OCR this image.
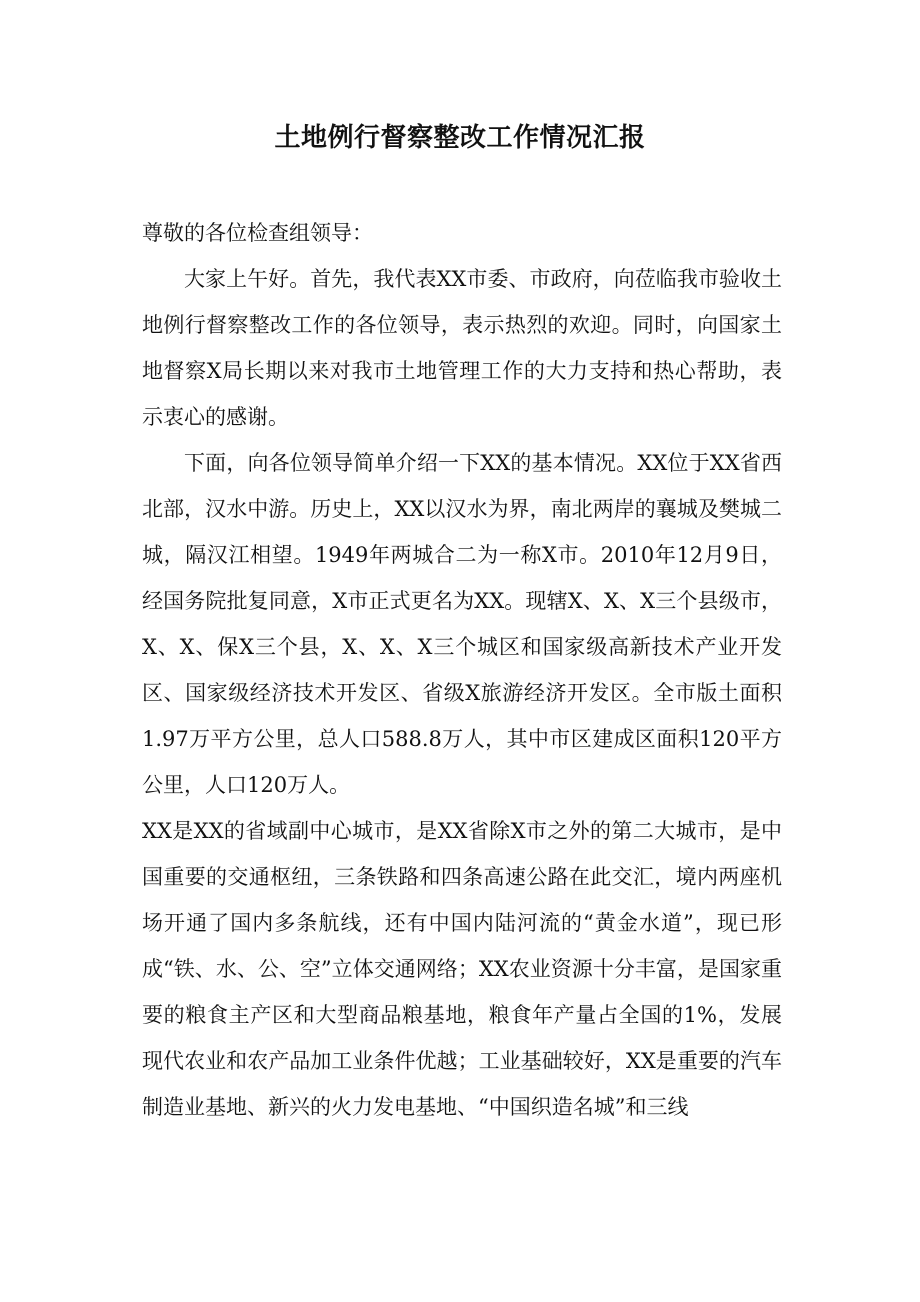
土地例行督察整改工作情况汇报

尊敬的各位检查组领导：

大家上午好。首先，我代表XX市委、市政府，向莅临我市验收土地例行督察整改工作的各位领导，表示热烈的欢迎。同时，向国家土地督察X局长期以来对我市土地管理工作的大力支持和热心帮助，表示衷心的感谢。

下面，向各位领导简单介绍一下XX的基本情况。XX位于XX省西北部，汉水中游。历史上，XX以汉水为界，南北两岸的襄城及樊城二城，隔汉江相望。1949年两城合二为一称X市。2010年12月9日，经国务院批复同意，X市正式更名为XX。现辖X、X、X三个县级市，X、X、保X三个县，X、X、X三个城区和国家级高新技术产业开发区、国家级经济技术开发区、省级X旅游经济开发区。全市版土面积1.97万平方公里，总人口588.8万人，其中市区建成区面积120平方公里，人口120万人。

XX是XX的省域副中心城市，是XX省除X市之外的第二大城市，是中国重要的交通枢纽，三条铁路和四条高速公路在此交汇，境内两座机场开通了国内多条航线，还有中国内陆河流的“黄金水道”，现已形成“铁、水、公、空”立体交通网络；XX农业资源十分丰富，是国家重要的粮食主产区和大型商品粮基地，粮食年产量占全国的1%，发展现代农业和农产品加工业条件优越；工业基础较好，XX是重要的汽车制造业基地、新兴的火力发电基地、“中国织造名城”和三线
